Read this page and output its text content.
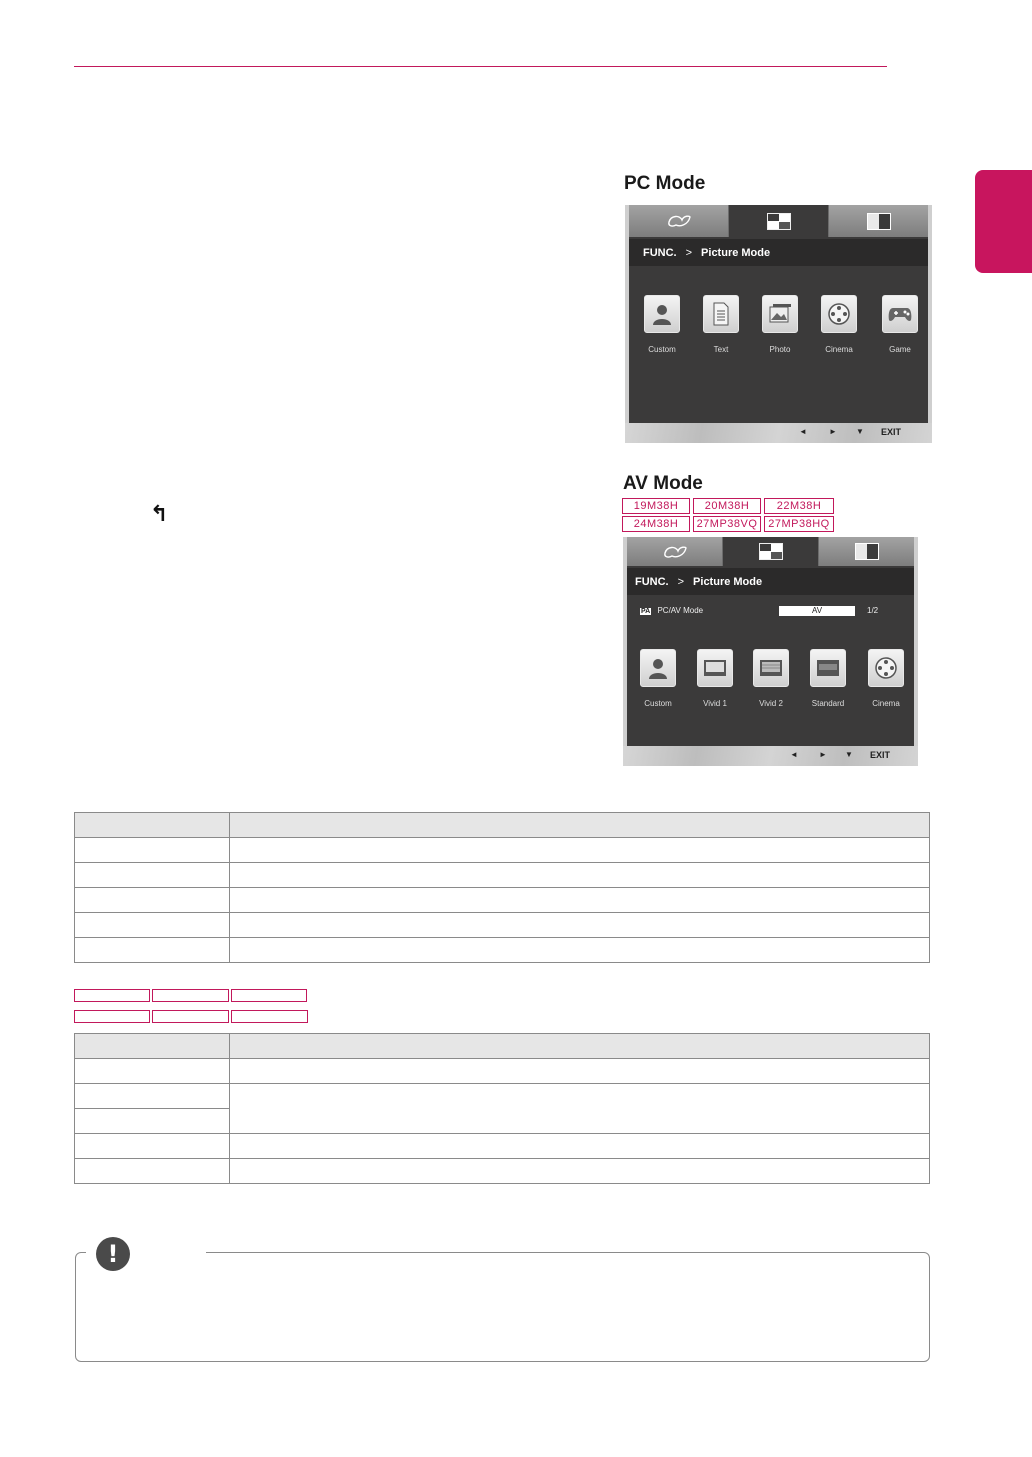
PC Mode
FUNC. > Picture Mode
Custom	Text	Photo	Cinema	Game
◄	► ▼ EXIT
AV Mode
19M38H	20M38H	22M38H
24M38H	27MP38VQ 27MP38HQ
↰
FUNC. > Picture Mode
PA PC/AV Mode	AV	1/2
Custom	Vivid 1	Vivid 2	Standard	Cinema
◄	► ▼ EXIT

!
